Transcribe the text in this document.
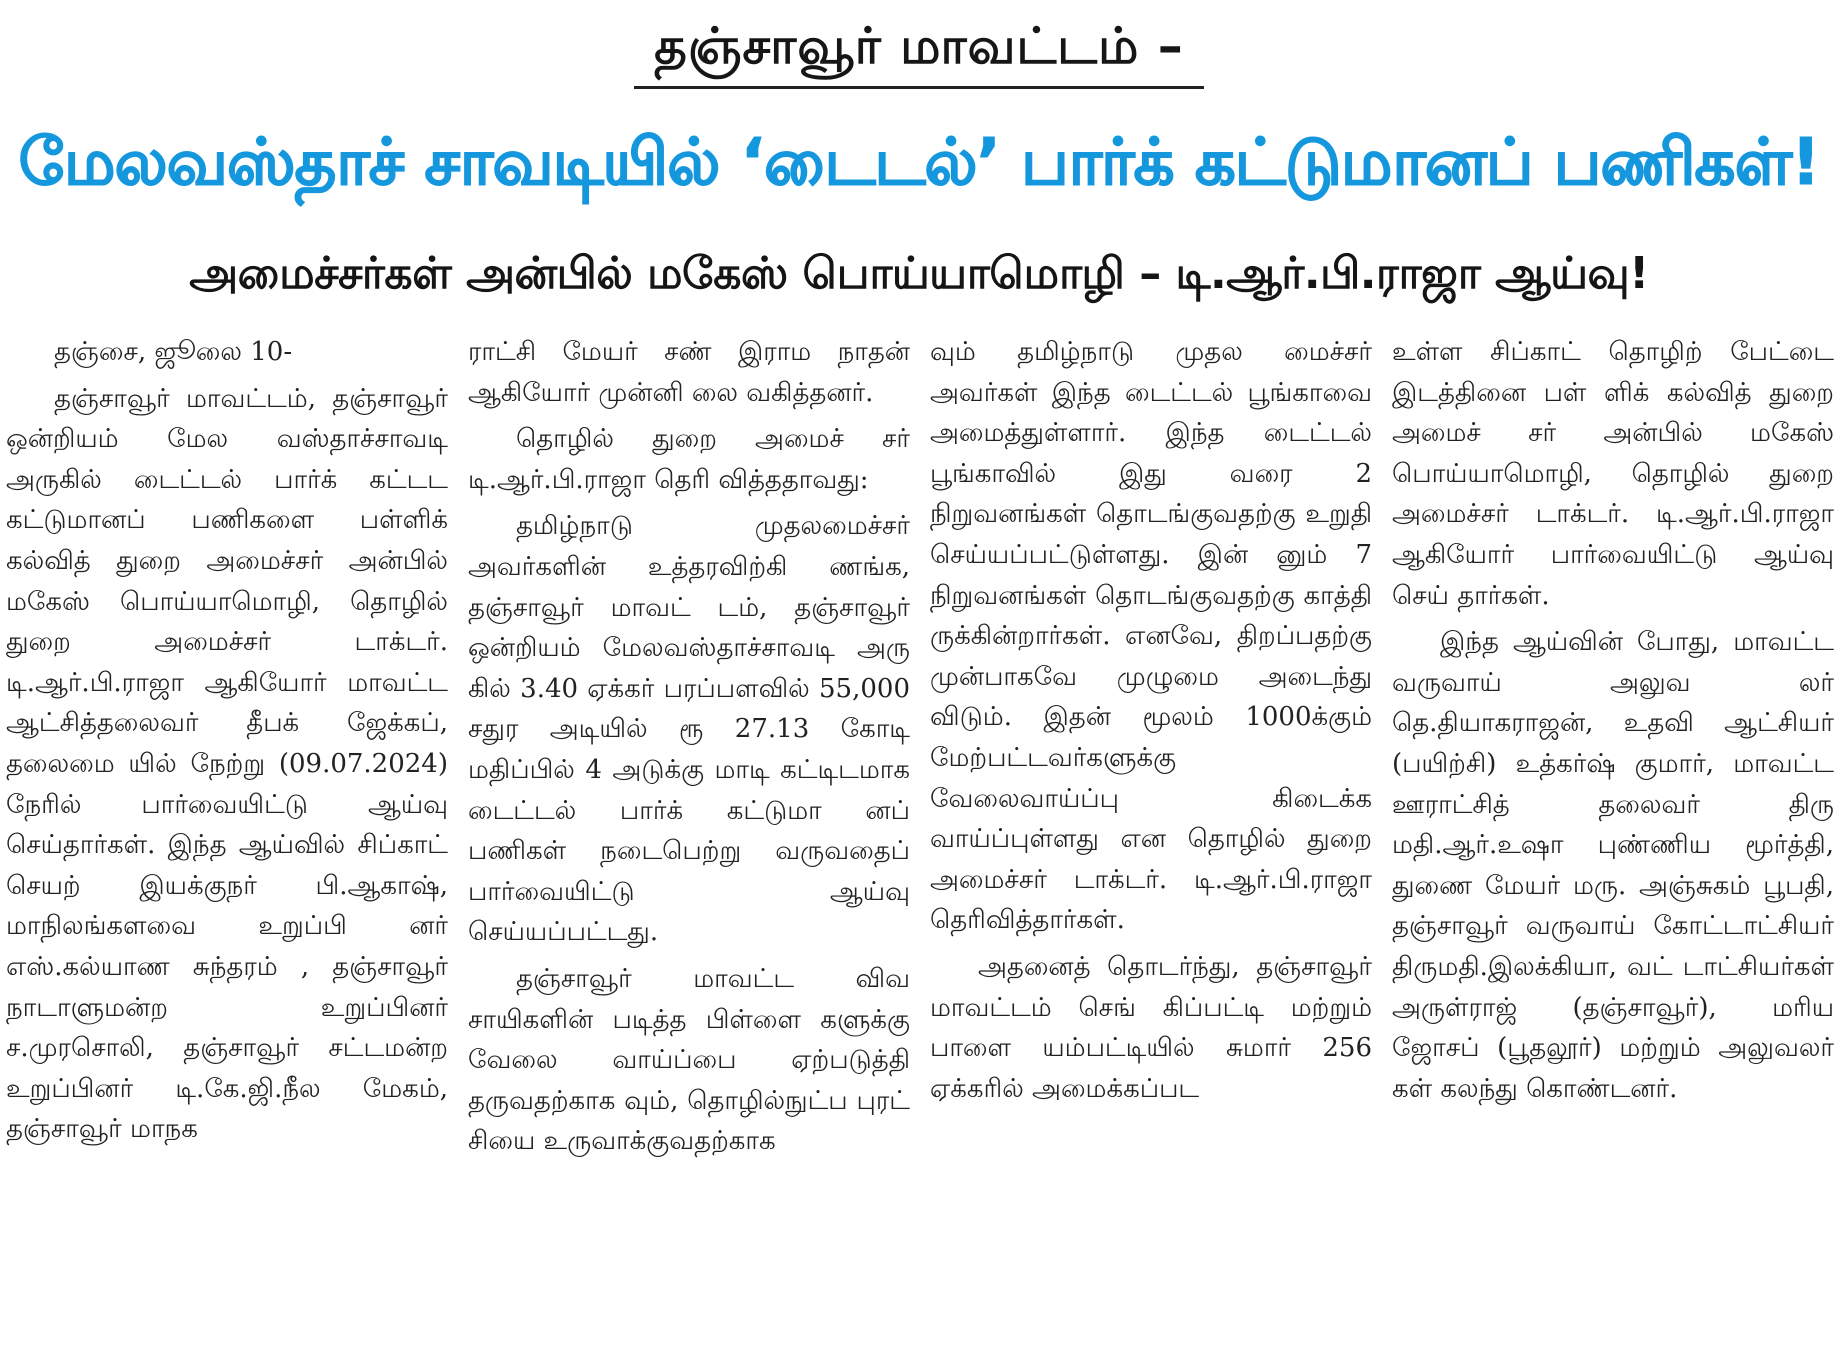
தஞ்சாவூர் மாவட்டம் –
மேலவஸ்தாச் சாவடியில் ‘டைடல்’ பார்க் கட்டுமானப் பணிகள்!
அமைச்சர்கள் அன்பில் மகேஸ் பொய்யாமொழி – டி.ஆர்.பி.ராஜா ஆய்வு!

தஞ்சை, ஜூலை 10-

தஞ்சாவூர் மாவட்டம், தஞ்சாவூர் ஒன்றியம் மேல வஸ்தாச்சாவடி அருகில் டைட்டல் பார்க் கட்டட கட்டுமானப் பணிகளை பள்ளிக் கல்வித் துறை அமைச்சர் அன்பில் மகேஸ் பொய்யாமொழி, தொழில் துறை அமைச்சர் டாக்டர். டி.ஆர்.பி.ராஜா ஆகியோர் மாவட்ட ஆட்சித்தலைவர் தீபக் ஜேக்கப், தலைமை யில் நேற்று (09.07.2024) நேரில் பார்வையிட்டு ஆய்வு செய்தார்கள். இந்த ஆய்வில் சிப்காட் செயற் இயக்குநர் பி.ஆகாஷ், மாநிலங்களவை உறுப்பி னர் எஸ்.கல்யாண சுந்தரம் , தஞ்சாவூர் நாடாளுமன்ற உறுப்பினர் ச.முரசொலி, தஞ்சாவூர் சட்டமன்ற உறுப்பினர் டி.கே.ஜி.நீல மேகம், தஞ்சாவூர் மாநக

ராட்சி மேயர் சண் இராம நாதன் ஆகியோர் முன்னி லை வகித்தனர்.

தொழில் துறை அமைச் சர் டி.ஆர்.பி.ராஜா தெரி வித்ததாவது:

தமிழ்நாடு முதலமைச்சர் அவர்களின் உத்தரவிற்கி ணங்க, தஞ்சாவூர் மாவட் டம், தஞ்சாவூர் ஒன்றியம் மேலவஸ்தாச்சாவடி அரு கில் 3.40 ஏக்கர் பரப்பளவில் 55,000 சதுர அடியில் ரூ 27.13 கோடி மதிப்பில் 4 அடுக்கு மாடி கட்டிடமாக டைட்டல் பார்க் கட்டுமா னப் பணிகள் நடைபெற்று வருவதைப் பார்வையிட்டு ஆய்வு செய்யப்பட்டது.

தஞ்சாவூர் மாவட்ட விவ சாயிகளின் படித்த பிள்ளை களுக்கு வேலை வாய்ப்பை ஏற்படுத்தி தருவதற்காக வும், தொழில்நுட்ப புரட் சியை உருவாக்குவதற்காக

வும் தமிழ்நாடு முதல மைச்சர் அவர்கள் இந்த டைட்டல் பூங்காவை அமைத்துள்ளார். இந்த டைட்டல் பூங்காவில் இது வரை 2 நிறுவனங்கள் தொடங்குவதற்கு உறுதி செய்யப்பட்டுள்ளது. இன் னும் 7 நிறுவனங்கள் தொடங்குவதற்கு காத்தி ருக்கின்றார்கள். எனவே, திறப்பதற்கு முன்பாகவே முழுமை அடைந்து விடும். இதன் மூலம் 1000க்கும் மேற்பட்டவர்களுக்கு வேலைவாய்ப்பு கிடைக்க வாய்ப்புள்ளது என தொழில் துறை அமைச்சர் டாக்டர். டி.ஆர்.பி.ராஜா தெரிவித்தார்கள்.

அதனைத் தொடர்ந்து, தஞ்சாவூர் மாவட்டம் செங் கிப்பட்டி மற்றும் பாளை யம்பட்டியில் சுமார் 256 ஏக்கரில் அமைக்கப்பட

உள்ள சிப்காட் தொழிற் பேட்டை இடத்தினை பள் ளிக் கல்வித் துறை அமைச் சர் அன்பில் மகேஸ் பொய்யாமொழி, தொழில் துறை அமைச்சர் டாக்டர். டி.ஆர்.பி.ராஜா ஆகியோர் பார்வையிட்டு ஆய்வு செய் தார்கள்.

இந்த ஆய்வின் போது, மாவட்ட வருவாய் அலுவ லர் தெ.தியாகராஜன், உதவி ஆட்சியர் (பயிற்சி) உத்கர்ஷ் குமார், மாவட்ட ஊராட்சித் தலைவர் திரு மதி.ஆர்.உஷா புண்ணிய மூர்த்தி, துணை மேயர் மரு. அஞ்சுகம் பூபதி, தஞ்சாவூர் வருவாய் கோட்டாட்சியர் திருமதி.இலக்கியா, வட் டாட்சியர்கள் அருள்ராஜ் (தஞ்சாவூர்), மரிய ஜோசப் (பூதலூர்) மற்றும் அலுவலர் கள் கலந்து கொண்டனர்.
